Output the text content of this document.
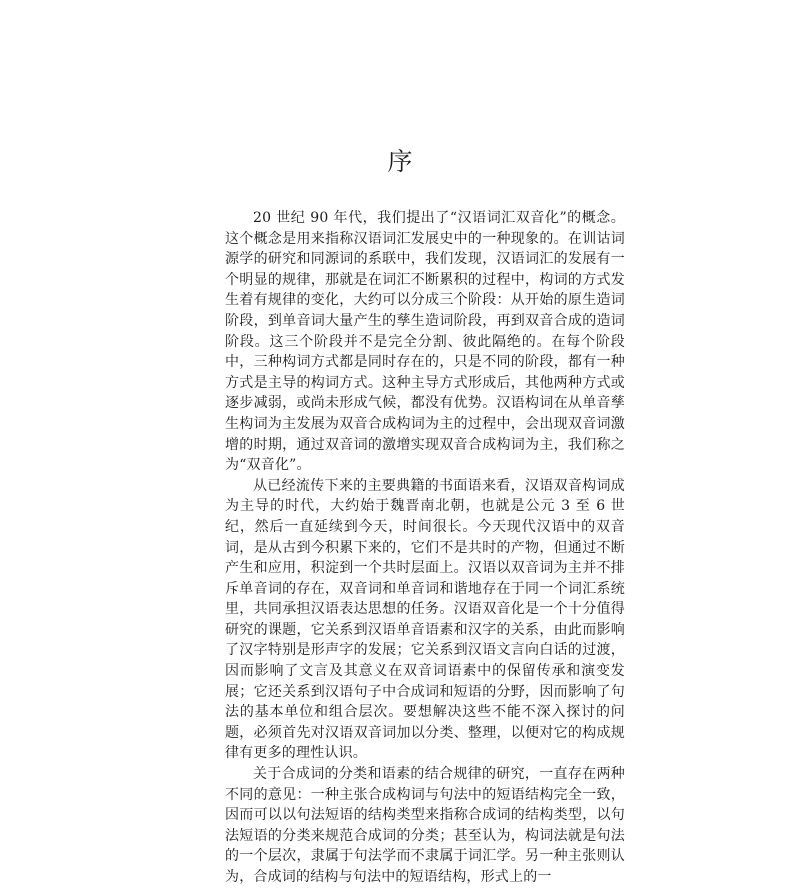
序

20 世纪 90 年代，我们提出了“汉语词汇双音化”的概念。这个概念是用来指称汉语词汇发展史中的一种现象的。在训诂词源学的研究和同源词的系联中，我们发现，汉语词汇的发展有一个明显的规律，那就是在词汇不断累积的过程中，构词的方式发生着有规律的变化，大约可以分成三个阶段：从开始的原生造词阶段，到单音词大量产生的孳生造词阶段，再到双音合成的造词阶段。这三个阶段并不是完全分割、彼此隔绝的。在每个阶段中，三种构词方式都是同时存在的，只是不同的阶段，都有一种方式是主导的构词方式。这种主导方式形成后，其他两种方式或逐步减弱，或尚未形成气候，都没有优势。汉语构词在从单音孳生构词为主发展为双音合成构词为主的过程中，会出现双音词激增的时期，通过双音词的激增实现双音合成构词为主，我们称之为“双音化”。

从已经流传下来的主要典籍的书面语来看，汉语双音构词成为主导的时代，大约始于魏晋南北朝，也就是公元 3 至 6 世纪，然后一直延续到今天，时间很长。今天现代汉语中的双音词，是从古到今积累下来的，它们不是共时的产物，但通过不断产生和应用，积淀到一个共时层面上。汉语以双音词为主并不排斥单音词的存在，双音词和单音词和谐地存在于同一个词汇系统里，共同承担汉语表达思想的任务。汉语双音化是一个十分值得研究的课题，它关系到汉语单音语素和汉字的关系，由此而影响了汉字特别是形声字的发展；它关系到汉语文言向白话的过渡，因而影响了文言及其意义在双音词语素中的保留传承和演变发展；它还关系到汉语句子中合成词和短语的分野，因而影响了句法的基本单位和组合层次。要想解决这些不能不深入探讨的问题，必须首先对汉语双音词加以分类、整理，以便对它的构成规律有更多的理性认识。

关于合成词的分类和语素的结合规律的研究，一直存在两种不同的意见：一种主张合成构词与句法中的短语结构完全一致，因而可以以句法短语的结构类型来指称合成词的结构类型，以句法短语的分类来规范合成词的分类；甚至认为，构词法就是句法的一个层次，隶属于句法学而不隶属于词汇学。另一种主张则认为，合成词的结构与句法中的短语结构，形式上的一
